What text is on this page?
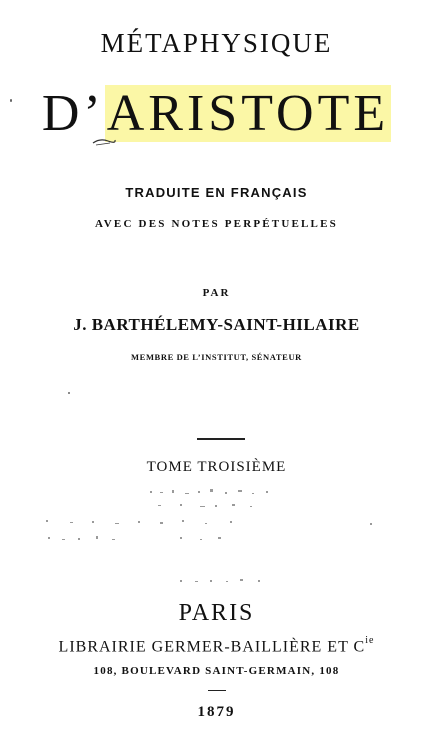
MÉTAPHYSIQUE
D’ARISTOTE
TRADUITE EN FRANÇAIS
AVEC DES NOTES PERPÉTUELLES
PAR
J. BARTHÉLEMY-SAINT-HILAIRE
MEMBRE DE L’INSTITUT, SÉNATEUR
TOME TROISIÈME
PARIS
LIBRAIRIE GERMER-BAILLIÈRE ET $C^{ie}$
108, BOULEVARD SAINT-GERMAIN, 108
1879
